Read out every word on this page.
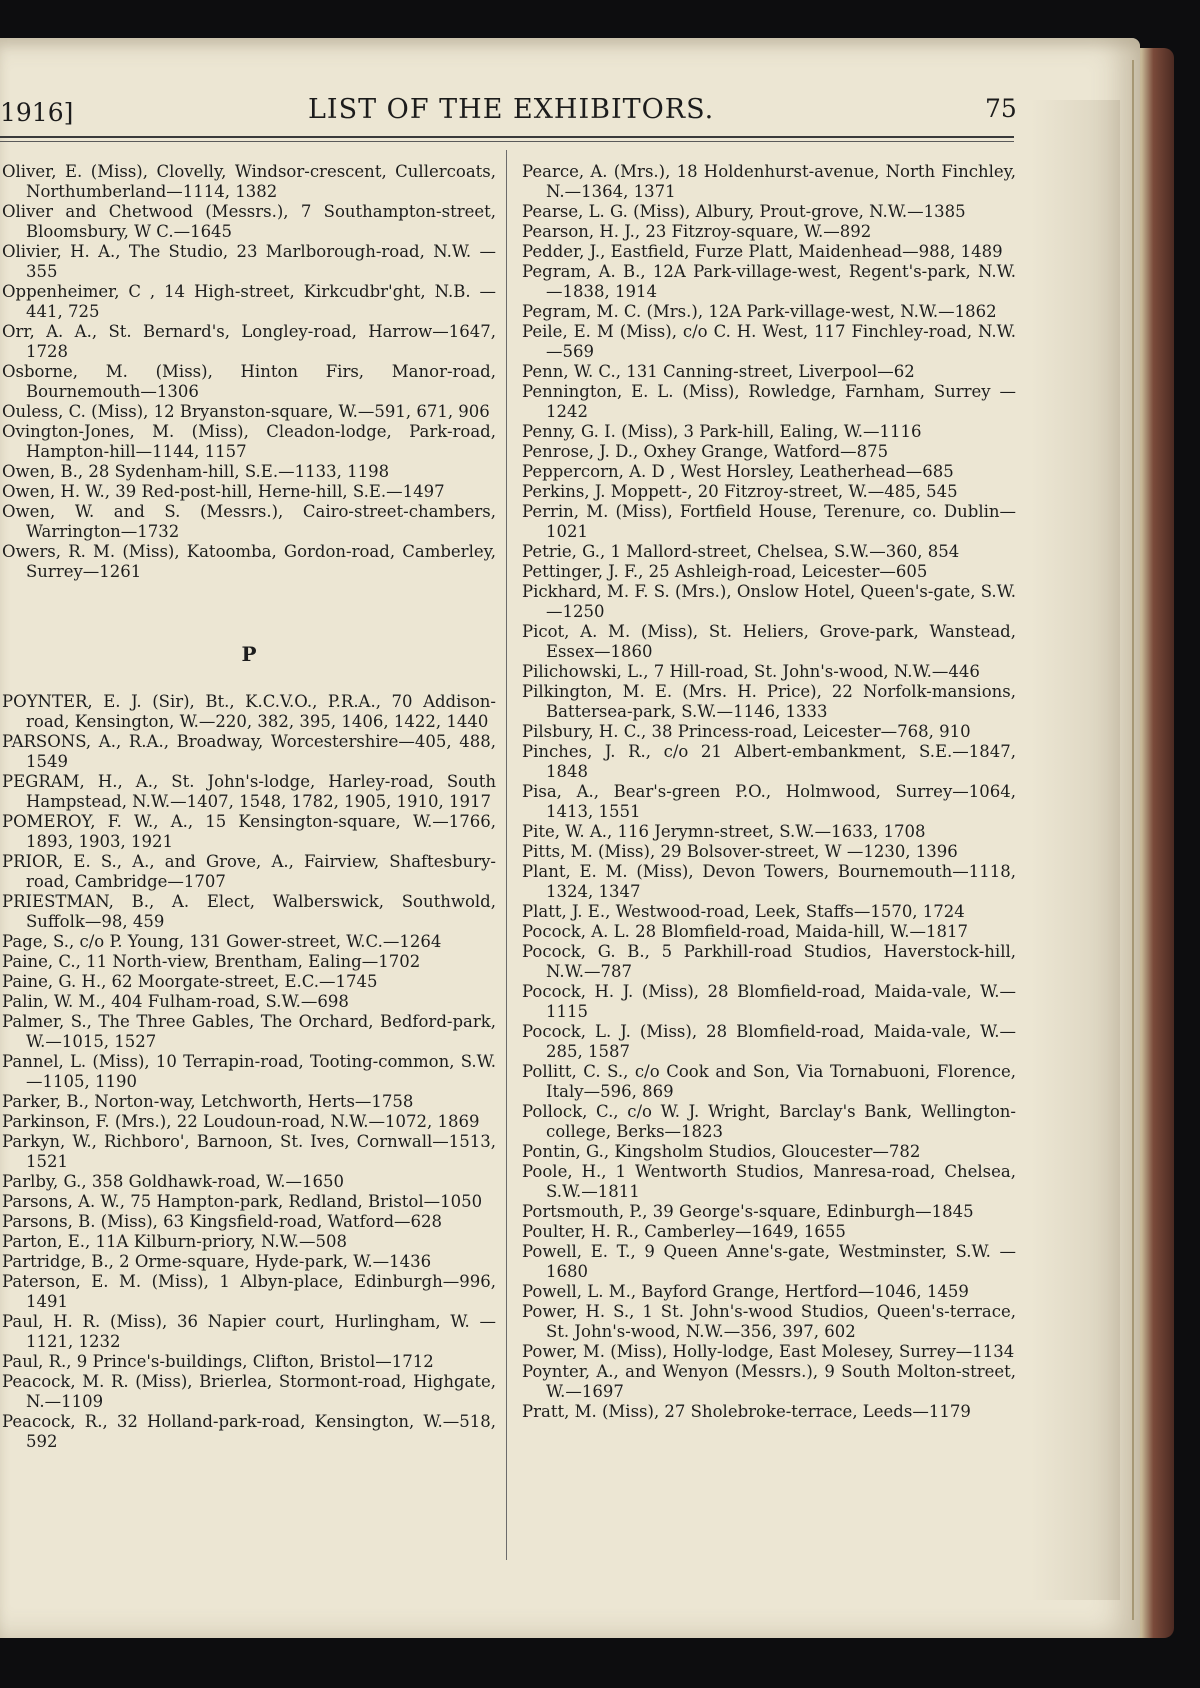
1916]	LIST OF THE EXHIBITORS.	75

Oliver, E. (Miss), Clovelly, Windsor-crescent, Cullercoats, Northumberland—1114, 1382

Oliver and Chetwood (Messrs.), 7 Southampton-street, Bloomsbury, W C.—1645

Olivier, H. A., The Studio, 23 Marlborough-road, N.W. —355

Oppenheimer, C , 14 High-street, Kirkcudbr'ght, N.B. —441, 725

Orr, A. A., St. Bernard's, Longley-road, Harrow—1647, 1728

Osborne, M. (Miss), Hinton Firs, Manor-road, Bournemouth—1306

Ouless, C. (Miss), 12 Bryanston-square, W.—591, 671, 906

Ovington-Jones, M. (Miss), Cleadon-lodge, Park-road, Hampton-hill—1144, 1157

Owen, B., 28 Sydenham-hill, S.E.—1133, 1198

Owen, H. W., 39 Red-post-hill, Herne-hill, S.E.—1497

Owen, W. and S. (Messrs.), Cairo-street-chambers, Warrington—1732

Owers, R. M. (Miss), Katoomba, Gordon-road, Camberley, Surrey—1261

P

POYNTER, E. J. (Sir), Bt., K.C.V.O., P.R.A., 70 Addison-road, Kensington, W.—220, 382, 395, 1406, 1422, 1440

PARSONS, A., R.A., Broadway, Worcestershire—405, 488, 1549

PEGRAM, H., A., St. John's-lodge, Harley-road, South Hampstead, N.W.—1407, 1548, 1782, 1905, 1910, 1917

POMEROY, F. W., A., 15 Kensington-square, W.—1766, 1893, 1903, 1921

PRIOR, E. S., A., and Grove, A., Fairview, Shaftesbury-road, Cambridge—1707

PRIESTMAN, B., A. Elect, Walberswick, Southwold, Suffolk—98, 459

Page, S., c/o P. Young, 131 Gower-street, W.C.—1264

Paine, C., 11 North-view, Brentham, Ealing—1702

Paine, G. H., 62 Moorgate-street, E.C.—1745

Palin, W. M., 404 Fulham-road, S.W.—698

Palmer, S., The Three Gables, The Orchard, Bedford-park, W.—1015, 1527

Pannel, L. (Miss), 10 Terrapin-road, Tooting-common, S.W.—1105, 1190

Parker, B., Norton-way, Letchworth, Herts—1758

Parkinson, F. (Mrs.), 22 Loudoun-road, N.W.—1072, 1869

Parkyn, W., Richboro', Barnoon, St. Ives, Cornwall—1513, 1521

Parlby, G., 358 Goldhawk-road, W.—1650

Parsons, A. W., 75 Hampton-park, Redland, Bristol—1050

Parsons, B. (Miss), 63 Kingsfield-road, Watford—628

Parton, E., 11A Kilburn-priory, N.W.—508

Partridge, B., 2 Orme-square, Hyde-park, W.—1436

Paterson, E. M. (Miss), 1 Albyn-place, Edinburgh—996, 1491

Paul, H. R. (Miss), 36 Napier court, Hurlingham, W. —1121, 1232

Paul, R., 9 Prince's-buildings, Clifton, Bristol—1712

Peacock, M. R. (Miss), Brierlea, Stormont-road, Highgate, N.—1109

Peacock, R., 32 Holland-park-road, Kensington, W.—518, 592

Pearce, A. (Mrs.), 18 Holdenhurst-avenue, North Finchley, N.—1364, 1371

Pearse, L. G. (Miss), Albury, Prout-grove, N.W.—1385

Pearson, H. J., 23 Fitzroy-square, W.—892

Pedder, J., Eastfield, Furze Platt, Maidenhead—988, 1489

Pegram, A. B., 12A Park-village-west, Regent's-park, N.W.—1838, 1914

Pegram, M. C. (Mrs.), 12A Park-village-west, N.W.—1862

Peile, E. M (Miss), c/o C. H. West, 117 Finchley-road, N.W.—569

Penn, W. C., 131 Canning-street, Liverpool—62

Pennington, E. L. (Miss), Rowledge, Farnham, Surrey —1242

Penny, G. I. (Miss), 3 Park-hill, Ealing, W.—1116

Penrose, J. D., Oxhey Grange, Watford—875

Peppercorn, A. D , West Horsley, Leatherhead—685

Perkins, J. Moppett-, 20 Fitzroy-street, W.—485, 545

Perrin, M. (Miss), Fortfield House, Terenure, co. Dublin—1021

Petrie, G., 1 Mallord-street, Chelsea, S.W.—360, 854

Pettinger, J. F., 25 Ashleigh-road, Leicester—605

Pickhard, M. F. S. (Mrs.), Onslow Hotel, Queen's-gate, S.W.—1250

Picot, A. M. (Miss), St. Heliers, Grove-park, Wanstead, Essex—1860

Pilichowski, L., 7 Hill-road, St. John's-wood, N.W.—446

Pilkington, M. E. (Mrs. H. Price), 22 Norfolk-mansions, Battersea-park, S.W.—1146, 1333

Pilsbury, H. C., 38 Princess-road, Leicester—768, 910

Pinches, J. R., c/o 21 Albert-embankment, S.E.—1847, 1848

Pisa, A., Bear's-green P.O., Holmwood, Surrey—1064, 1413, 1551

Pite, W. A., 116 Jerymn-street, S.W.—1633, 1708

Pitts, M. (Miss), 29 Bolsover-street, W —1230, 1396

Plant, E. M. (Miss), Devon Towers, Bournemouth—1118, 1324, 1347

Platt, J. E., Westwood-road, Leek, Staffs—1570, 1724

Pocock, A. L. 28 Blomfield-road, Maida-hill, W.—1817

Pocock, G. B., 5 Parkhill-road Studios, Haverstock-hill, N.W.—787

Pocock, H. J. (Miss), 28 Blomfield-road, Maida-vale, W.—1115

Pocock, L. J. (Miss), 28 Blomfield-road, Maida-vale, W.—285, 1587

Pollitt, C. S., c/o Cook and Son, Via Tornabuoni, Florence, Italy—596, 869

Pollock, C., c/o W. J. Wright, Barclay's Bank, Wellington-college, Berks—1823

Pontin, G., Kingsholm Studios, Gloucester—782

Poole, H., 1 Wentworth Studios, Manresa-road, Chelsea, S.W.—1811

Portsmouth, P., 39 George's-square, Edinburgh—1845

Poulter, H. R., Camberley—1649, 1655

Powell, E. T., 9 Queen Anne's-gate, Westminster, S.W. —1680

Powell, L. M., Bayford Grange, Hertford—1046, 1459

Power, H. S., 1 St. John's-wood Studios, Queen's-terrace, St. John's-wood, N.W.—356, 397, 602

Power, M. (Miss), Holly-lodge, East Molesey, Surrey—1134

Poynter, A., and Wenyon (Messrs.), 9 South Molton-street, W.—1697

Pratt, M. (Miss), 27 Sholebroke-terrace, Leeds—1179
